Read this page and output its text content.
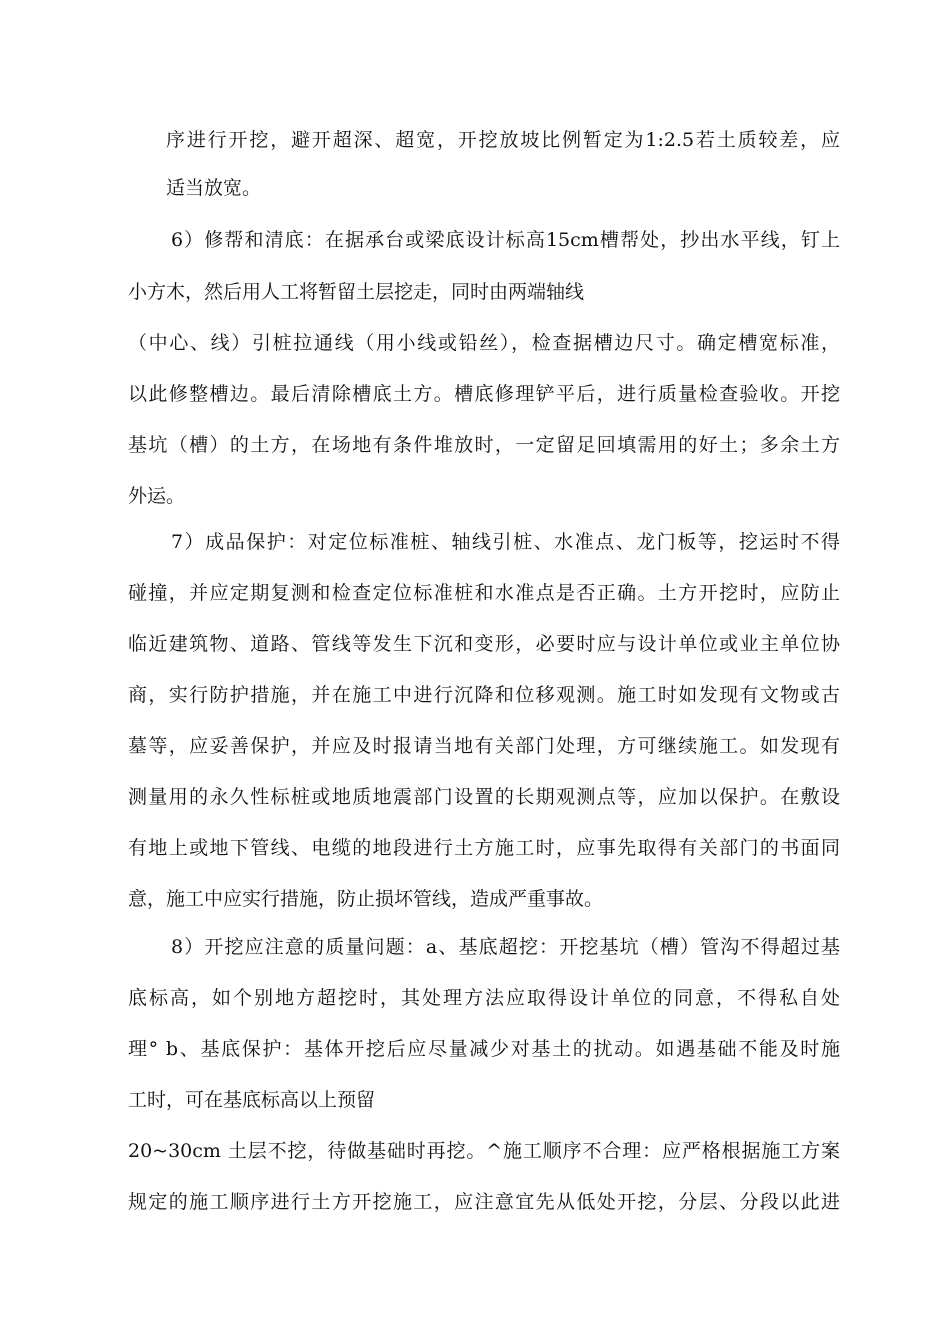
序进行开挖，避开超深、超宽，开挖放坡比例暂定为1:2.5若土质较差，应
适当放宽。
6）修帮和清底：在据承台或梁底设计标高15cm槽帮处，抄出水平线，钉上
小方木，然后用人工将暂留土层挖走，同时由两端轴线
（中心、线）引桩拉通线（用小线或铅丝），检查据槽边尺寸。确定槽宽标准，
以此修整槽边。最后清除槽底土方。槽底修理铲平后，进行质量检查验收。开挖
基坑（槽）的土方，在场地有条件堆放时，一定留足回填需用的好土；多余土方
外运。
7）成品保护：对定位标准桩、轴线引桩、水准点、龙门板等，挖运时不得
碰撞，并应定期复测和检查定位标准桩和水准点是否正确。土方开挖时，应防止
临近建筑物、道路、管线等发生下沉和变形，必要时应与设计单位或业主单位协
商，实行防护措施，并在施工中进行沉降和位移观测。施工时如发现有文物或古
墓等，应妥善保护，并应及时报请当地有关部门处理，方可继续施工。如发现有
测量用的永久性标桩或地质地震部门设置的长期观测点等，应加以保护。在敷设
有地上或地下管线、电缆的地段进行土方施工时，应事先取得有关部门的书面同
意，施工中应实行措施，防止损坏管线，造成严重事故。
8）开挖应注意的质量问题：a、基底超挖：开挖基坑（槽）管沟不得超过基
底标高，如个别地方超挖时，其处理方法应取得设计单位的同意，不得私自处
理° b、基底保护：基体开挖后应尽量减少对基土的扰动。如遇基础不能及时施
工时，可在基底标高以上预留
20~30cm 土层不挖，待做基础时再挖。^施工顺序不合理：应严格根据施工方案
规定的施工顺序进行土方开挖施工，应注意宜先从低处开挖，分层、分段以此进
